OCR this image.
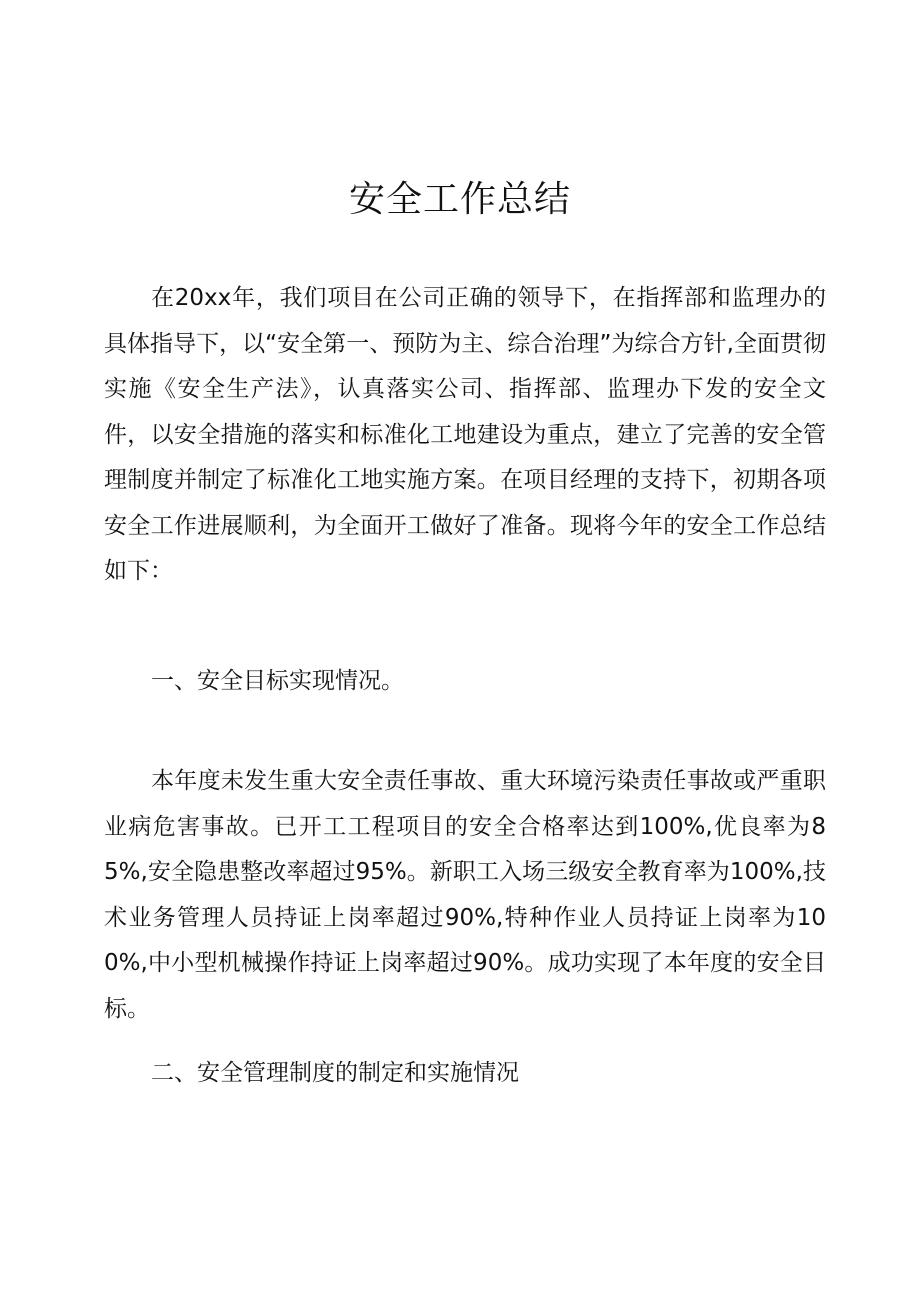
安全工作总结

在20xx年，我们项目在公司正确的领导下，在指挥部和监理办的具体指导下，以“安全第一、预防为主、综合治理”为综合方针,全面贯彻实施《安全生产法》，认真落实公司、指挥部、监理办下发的安全文件，以安全措施的落实和标准化工地建设为重点，建立了完善的安全管理制度并制定了标准化工地实施方案。在项目经理的支持下，初期各项安全工作进展顺利，为全面开工做好了准备。现将今年的安全工作总结如下：

一、安全目标实现情况。

本年度未发生重大安全责任事故、重大环境污染责任事故或严重职业病危害事故。已开工工程项目的安全合格率达到100%,优良率为85%,安全隐患整改率超过95%。新职工入场三级安全教育率为100%,技术业务管理人员持证上岗率超过90%,特种作业人员持证上岗率为100%,中小型机械操作持证上岗率超过90%。成功实现了本年度的安全目标。

二、安全管理制度的制定和实施情况
